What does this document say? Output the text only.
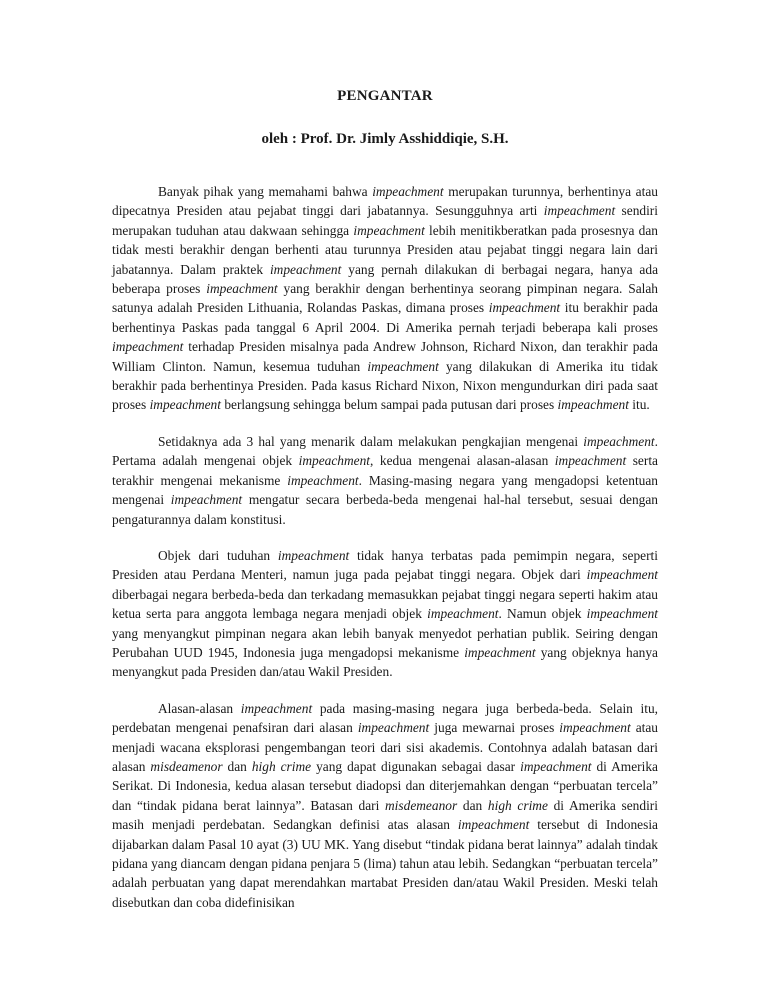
PENGANTAR
oleh : Prof. Dr. Jimly Asshiddiqie, S.H.

Banyak pihak yang memahami bahwa impeachment merupakan turunnya, berhentinya atau dipecatnya Presiden atau pejabat tinggi dari jabatannya. Sesungguhnya arti impeachment sendiri merupakan tuduhan atau dakwaan sehingga impeachment lebih menitikberatkan pada prosesnya dan tidak mesti berakhir dengan berhenti atau turunnya Presiden atau pejabat tinggi negara lain dari jabatannya. Dalam praktek impeachment yang pernah dilakukan di berbagai negara, hanya ada beberapa proses impeachment yang berakhir dengan berhentinya seorang pimpinan negara. Salah satunya adalah Presiden Lithuania, Rolandas Paskas, dimana proses impeachment itu berakhir pada berhentinya Paskas pada tanggal 6 April 2004. Di Amerika pernah terjadi beberapa kali proses impeachment terhadap Presiden misalnya pada Andrew Johnson, Richard Nixon, dan terakhir pada William Clinton. Namun, kesemua tuduhan impeachment yang dilakukan di Amerika itu tidak berakhir pada berhentinya Presiden. Pada kasus Richard Nixon, Nixon mengundurkan diri pada saat proses impeachment berlangsung sehingga belum sampai pada putusan dari proses impeachment itu.

Setidaknya ada 3 hal yang menarik dalam melakukan pengkajian mengenai impeachment. Pertama adalah mengenai objek impeachment, kedua mengenai alasan-alasan impeachment serta terakhir mengenai mekanisme impeachment. Masing-masing negara yang mengadopsi ketentuan mengenai impeachment mengatur secara berbeda-beda mengenai hal-hal tersebut, sesuai dengan pengaturannya dalam konstitusi.

Objek dari tuduhan impeachment tidak hanya terbatas pada pemimpin negara, seperti Presiden atau Perdana Menteri, namun juga pada pejabat tinggi negara. Objek dari impeachment diberbagai negara berbeda-beda dan terkadang memasukkan pejabat tinggi negara seperti hakim atau ketua serta para anggota lembaga negara menjadi objek impeachment. Namun objek impeachment yang menyangkut pimpinan negara akan lebih banyak menyedot perhatian publik. Seiring dengan Perubahan UUD 1945, Indonesia juga mengadopsi mekanisme impeachment yang objeknya hanya menyangkut pada Presiden dan/atau Wakil Presiden.

Alasan-alasan impeachment pada masing-masing negara juga berbeda-beda. Selain itu, perdebatan mengenai penafsiran dari alasan impeachment juga mewarnai proses impeachment atau menjadi wacana eksplorasi pengembangan teori dari sisi akademis. Contohnya adalah batasan dari alasan misdeamenor dan high crime yang dapat digunakan sebagai dasar impeachment di Amerika Serikat. Di Indonesia, kedua alasan tersebut diadopsi dan diterjemahkan dengan “perbuatan tercela” dan “tindak pidana berat lainnya”. Batasan dari misdemeanor dan high crime di Amerika sendiri masih menjadi perdebatan. Sedangkan definisi atas alasan impeachment tersebut di Indonesia dijabarkan dalam Pasal 10 ayat (3) UU MK. Yang disebut “tindak pidana berat lainnya” adalah tindak pidana yang diancam dengan pidana penjara 5 (lima) tahun atau lebih. Sedangkan “perbuatan tercela” adalah perbuatan yang dapat merendahkan martabat Presiden dan/atau Wakil Presiden. Meski telah disebutkan dan coba didefinisikan
